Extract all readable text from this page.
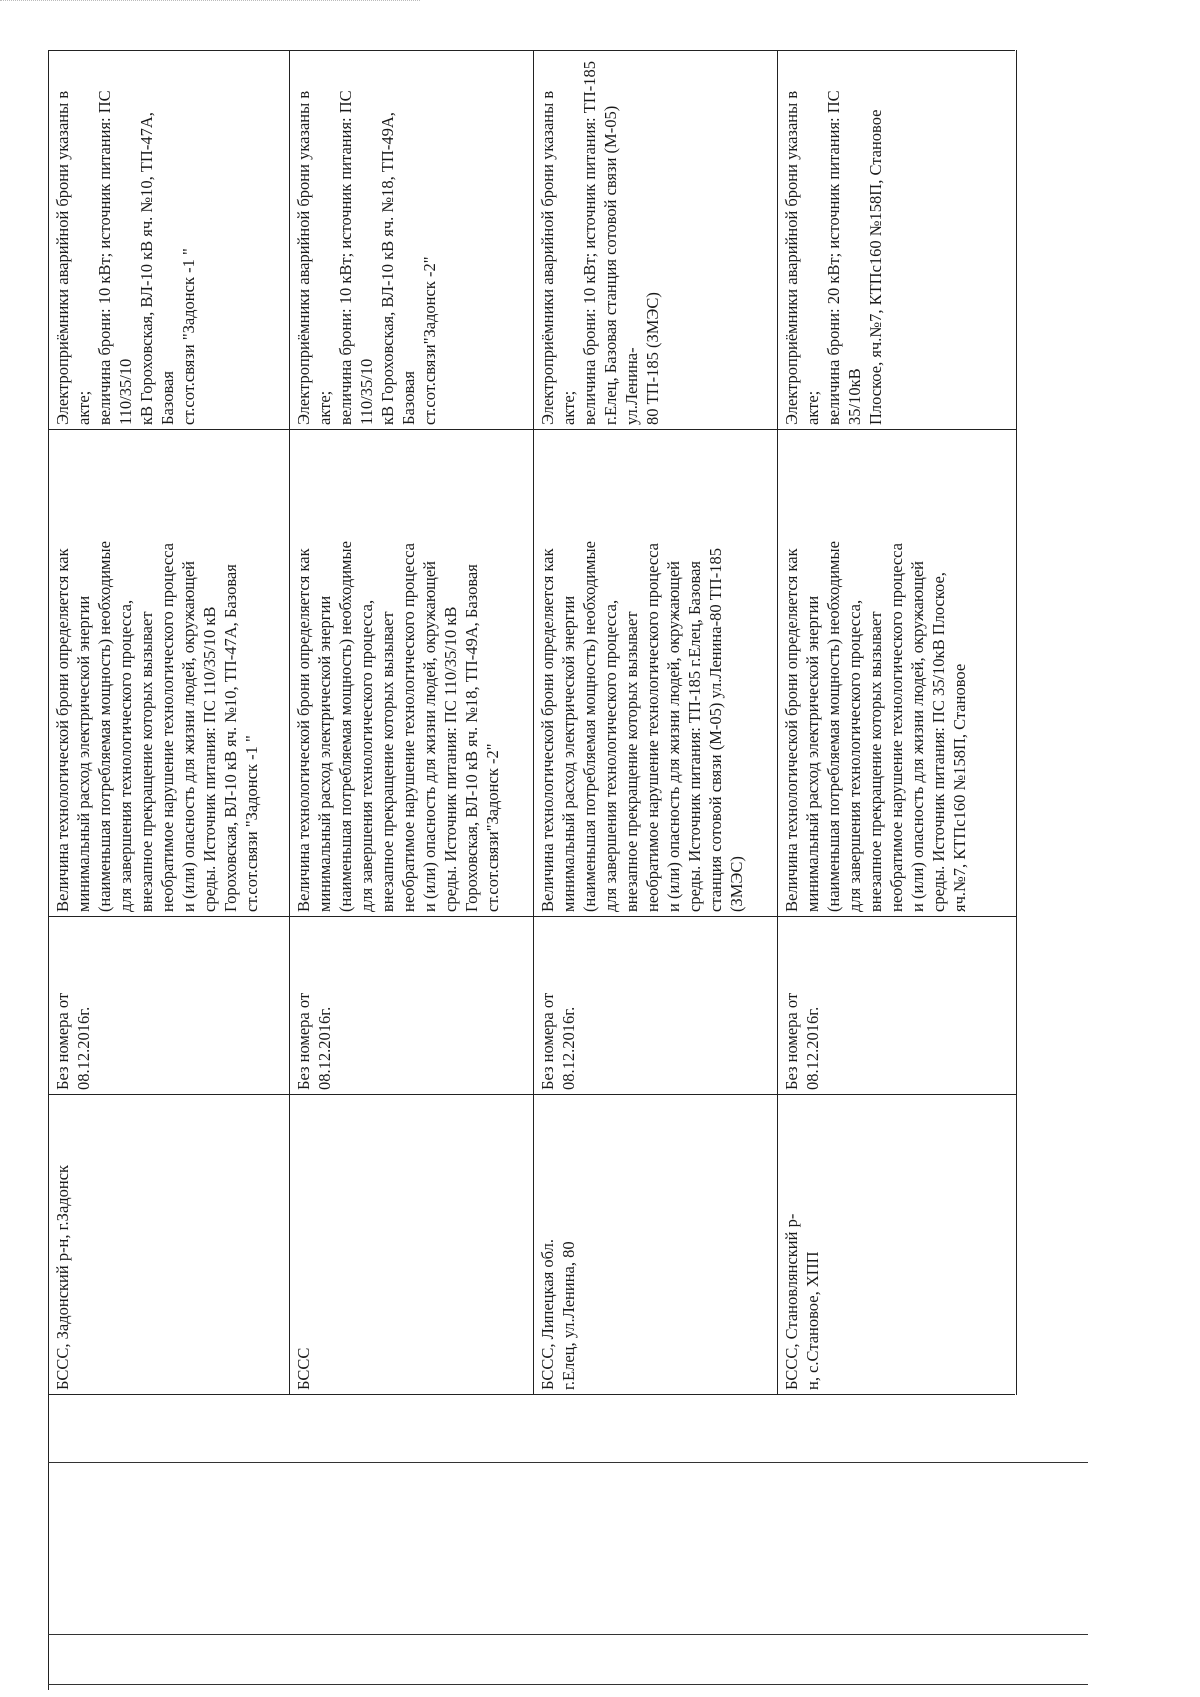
БССС, Задонский р-н, г.Задонск
Без номера от
08.12.2016г.
Величина технологической брони определяется как
минимальный расход электрической энергии
(наименьшая потребляемая мощность) необходимые
для завершения технологического процесса,
внезапное прекращение которых вызывает
необратимое нарушение технологического процесса
и (или) опасность для жизни людей, окружающей
среды. Источник питания: ПС 110/35/10 кВ
Гороховская, ВЛ-10 кВ яч. №10, ТП-47А, Базовая
ст.сот.связи "Задонск -1 "
Электроприёмники аварийной брони указаны в акте;
величина брони: 10 кВт; источник питания: ПС 110/35/10
кВ Гороховская, ВЛ-10 кВ яч. №10, ТП-47А, Базовая
ст.сот.связи "Задонск -1 "
БССС
Без номера от
08.12.2016г.
Величина технологической брони определяется как
минимальный расход электрической энергии
(наименьшая потребляемая мощность) необходимые
для завершения технологического процесса,
внезапное прекращение которых вызывает
необратимое нарушение технологического процесса
и (или) опасность для жизни людей, окружающей
среды. Источник питания: ПС 110/35/10 кВ
Гороховская, ВЛ-10 кВ яч. №18, ТП-49А, Базовая
ст.сот.связи"Задонск -2"
Электроприёмники аварийной брони указаны в акте;
величина брони: 10 кВт; источник питания: ПС 110/35/10
кВ Гороховская, ВЛ-10 кВ яч. №18, ТП-49А, Базовая
ст.сот.связи"Задонск -2"
БССС, Липецкая обл.
г.Елец, ул.Ленина, 80
Без номера от
08.12.2016г.
Величина технологической брони определяется как
минимальный расход электрической энергии
(наименьшая потребляемая мощность) необходимые
для завершения технологического процесса,
внезапное прекращение которых вызывает
необратимое нарушение технологического процесса
и (или) опасность для жизни людей, окружающей
среды. Источник питания: ТП-185 г.Елец, Базовая
станция сотовой связи (М-05) ул.Ленина-80 ТП-185
(ЗМЭС)
Электроприёмники аварийной брони указаны в акте;
величина брони: 10 кВт; источник питания: ТП-185
г.Елец, Базовая станция сотовой связи (М-05) ул.Ленина-
80 ТП-185 (ЗМЭС)
БССС, Становлянский р-
н, с.Становое, ХПП
Без номера от
08.12.2016г.
Величина технологической брони определяется как
минимальный расход электрической энергии
(наименьшая потребляемая мощность) необходимые
для завершения технологического процесса,
внезапное прекращение которых вызывает
необратимое нарушение технологического процесса
и (или) опасность для жизни людей, окружающей
среды. Источник питания: ПС 35/10кВ Плоское,
яч.№7, КТПс160 №158П, Становое
Электроприёмники аварийной брони указаны в акте;
величина брони: 20 кВт; источник питания: ПС 35/10кВ
Плоское, яч.№7, КТПс160 №158П, Становое
